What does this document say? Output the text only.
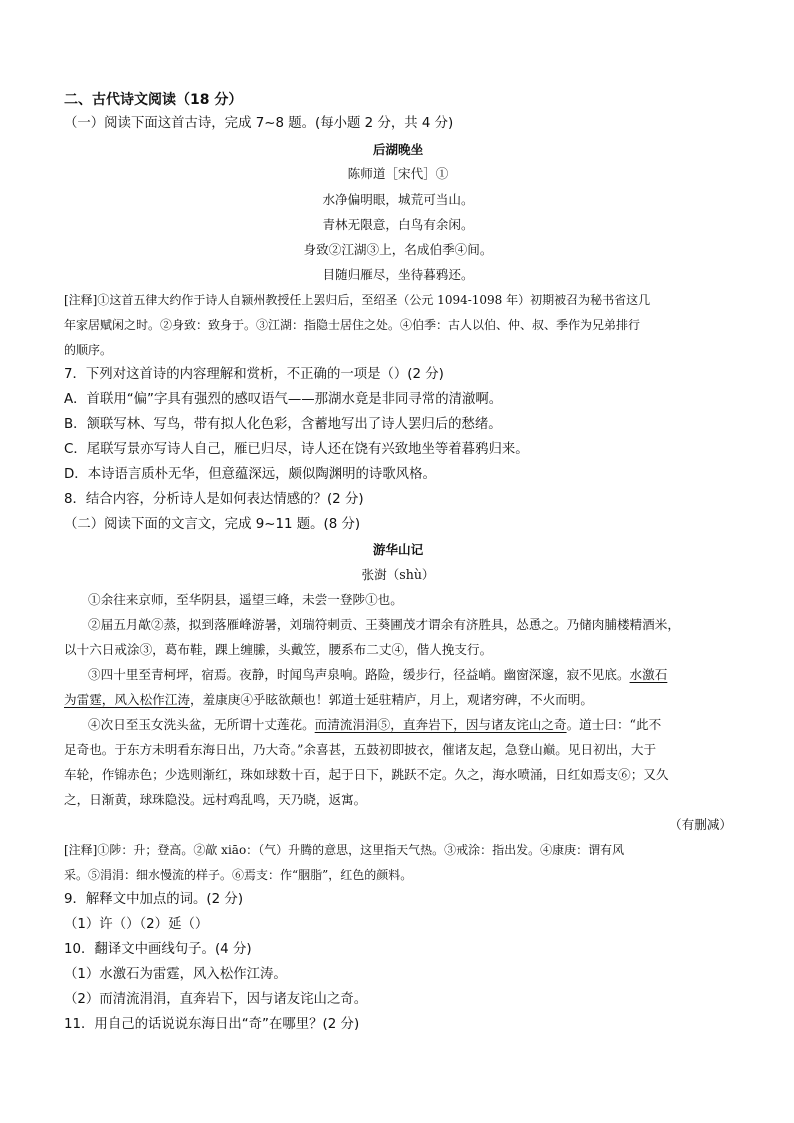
二、古代诗文阅读（18 分）
（一）阅读下面这首古诗，完成 7~8 题。(每小题 2 分，共 4 分)
后湖晚坐
陈师道［宋代］①
水净偏明眼，城荒可当山。
青林无限意，白鸟有余闲。
身致②江湖③上，名成伯季④间。
目随归雁尽，坐待暮鸦还。
[注释]①这首五律大约作于诗人自颍州教授任上罢归后，至绍圣（公元 1094-1098 年）初期被召为秘书省这几
年家居赋闲之时。②身致：致身于。③江湖：指隐士居住之处。④伯季：古人以伯、仲、叔、季作为兄弟排行
的顺序。
7．下列对这首诗的内容理解和赏析，不正确的一项是（）(2 分)
A．首联用“偏”字具有强烈的感叹语气——那湖水竟是非同寻常的清澈啊。
B．颔联写林、写鸟，带有拟人化色彩，含蓄地写出了诗人罢归后的愁绪。
C．尾联写景亦写诗人自己，雁已归尽，诗人还在饶有兴致地坐等着暮鸦归来。
D．本诗语言质朴无华，但意蕴深远，颇似陶渊明的诗歌风格。
8．结合内容，分析诗人是如何表达情感的？(2 分)
（二）阅读下面的文言文，完成 9~11 题。(8 分)
游华山记
张澍（shù）
①余往来京师，至华阴县，遥望三峰，未尝一登陟①也。
②届五月歊②蒸，拟到落雁峰游暑，刘瑞符刺贡、王葵圃茂才谓余有济胜具，怂恿之。乃储肉脯楼精酒米，
以十六日戒涂③，葛布鞋，踝上缠縢，头戴笠，腰系布二丈④，偕人挽支行。
③四十里至青柯坪，宿焉。夜静，时闻鸟声泉响。路险，缓步行，径益峭。幽窗深邃，寂不见底。水激石
为雷霆，风入松作江涛，羞康庚④乎眩欲颠也！郭道士延驻精庐，月上，观诸穷碑，不火而明。
④次日至玉女洗头盆，无所谓十丈莲花。而清流涓涓⑤，直奔岩下，因与诸友诧山之奇。道士曰：“此不
足奇也。于东方未明看东海日出，乃大奇。”余喜甚，五鼓初即披衣，催诸友起，急登山巅。见日初出，大于
车轮，作锦赤色；少选则渐红，珠如球数十百，起于日下，跳跃不定。久之，海水喷涌，日红如焉支⑥；又久
之，日渐黄，球珠隐没。远村鸡乱鸣，天乃晓，返寓。
（有删减）
[注释]①陟：升；登高。②歊 xiāo：（气）升腾的意思，这里指天气热。③戒涂：指出发。④康庚：谓有风
采。⑤涓涓：细水慢流的样子。⑥焉支：作“胭脂”，红色的颜料。
9．解释文中加点的词。(2 分)
（1）许（）（2）延（）
10．翻译文中画线句子。(4 分)
（1）水激石为雷霆，风入松作江涛。
（2）而清流涓涓，直奔岩下，因与诸友诧山之奇。
11．用自己的话说说东海日出“奇”在哪里？(2 分)
